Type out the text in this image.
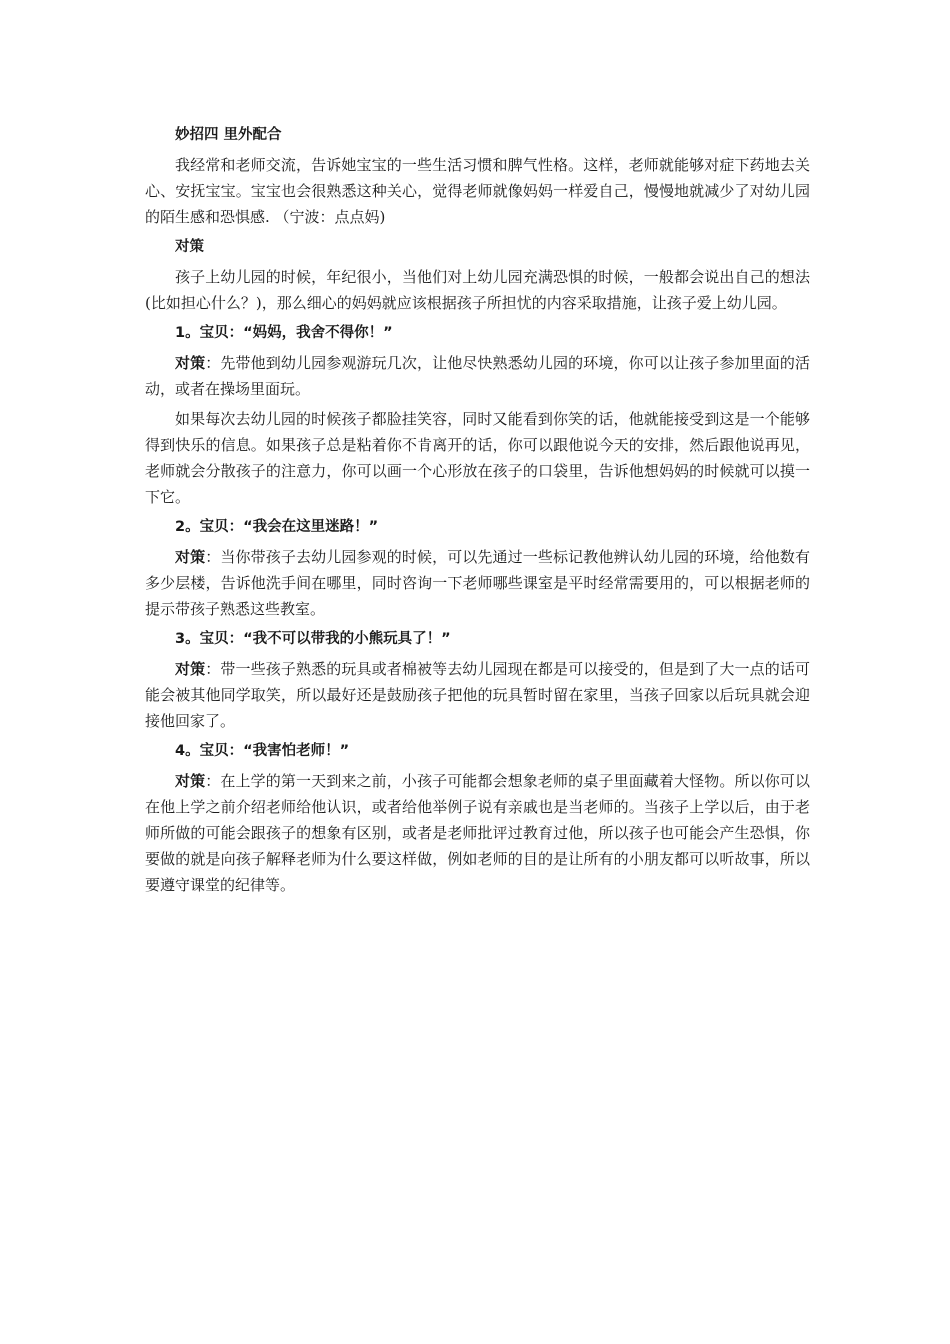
妙招四 里外配合

我经常和老师交流，告诉她宝宝的一些生活习惯和脾气性格。这样，老师就能够对症下药地去关心、安抚宝宝。宝宝也会很熟悉这种关心，觉得老师就像妈妈一样爱自己，慢慢地就减少了对幼儿园的陌生感和恐惧感. （宁波：点点妈)

对策

孩子上幼儿园的时候，年纪很小，当他们对上幼儿园充满恐惧的时候，一般都会说出自己的想法(比如担心什么？)，那么细心的妈妈就应该根据孩子所担忧的内容采取措施，让孩子爱上幼儿园。

1。宝贝：“妈妈，我舍不得你！”

对策：先带他到幼儿园参观游玩几次，让他尽快熟悉幼儿园的环境，你可以让孩子参加里面的活动，或者在操场里面玩。

如果每次去幼儿园的时候孩子都脸挂笑容，同时又能看到你笑的话，他就能接受到这是一个能够得到快乐的信息。如果孩子总是粘着你不肯离开的话，你可以跟他说今天的安排，然后跟他说再见，老师就会分散孩子的注意力，你可以画一个心形放在孩子的口袋里，告诉他想妈妈的时候就可以摸一下它。

2。宝贝：“我会在这里迷路！”

对策：当你带孩子去幼儿园参观的时候，可以先通过一些标记教他辨认幼儿园的环境，给他数有多少层楼，告诉他洗手间在哪里，同时咨询一下老师哪些课室是平时经常需要用的，可以根据老师的提示带孩子熟悉这些教室。

3。宝贝：“我不可以带我的小熊玩具了！”

对策：带一些孩子熟悉的玩具或者棉被等去幼儿园现在都是可以接受的，但是到了大一点的话可能会被其他同学取笑，所以最好还是鼓励孩子把他的玩具暂时留在家里，当孩子回家以后玩具就会迎接他回家了。

4。宝贝：“我害怕老师！”

对策：在上学的第一天到来之前，小孩子可能都会想象老师的桌子里面藏着大怪物。所以你可以在他上学之前介绍老师给他认识，或者给他举例子说有亲戚也是当老师的。当孩子上学以后，由于老师所做的可能会跟孩子的想象有区别，或者是老师批评过教育过他，所以孩子也可能会产生恐惧，你要做的就是向孩子解释老师为什么要这样做，例如老师的目的是让所有的小朋友都可以听故事，所以要遵守课堂的纪律等。
